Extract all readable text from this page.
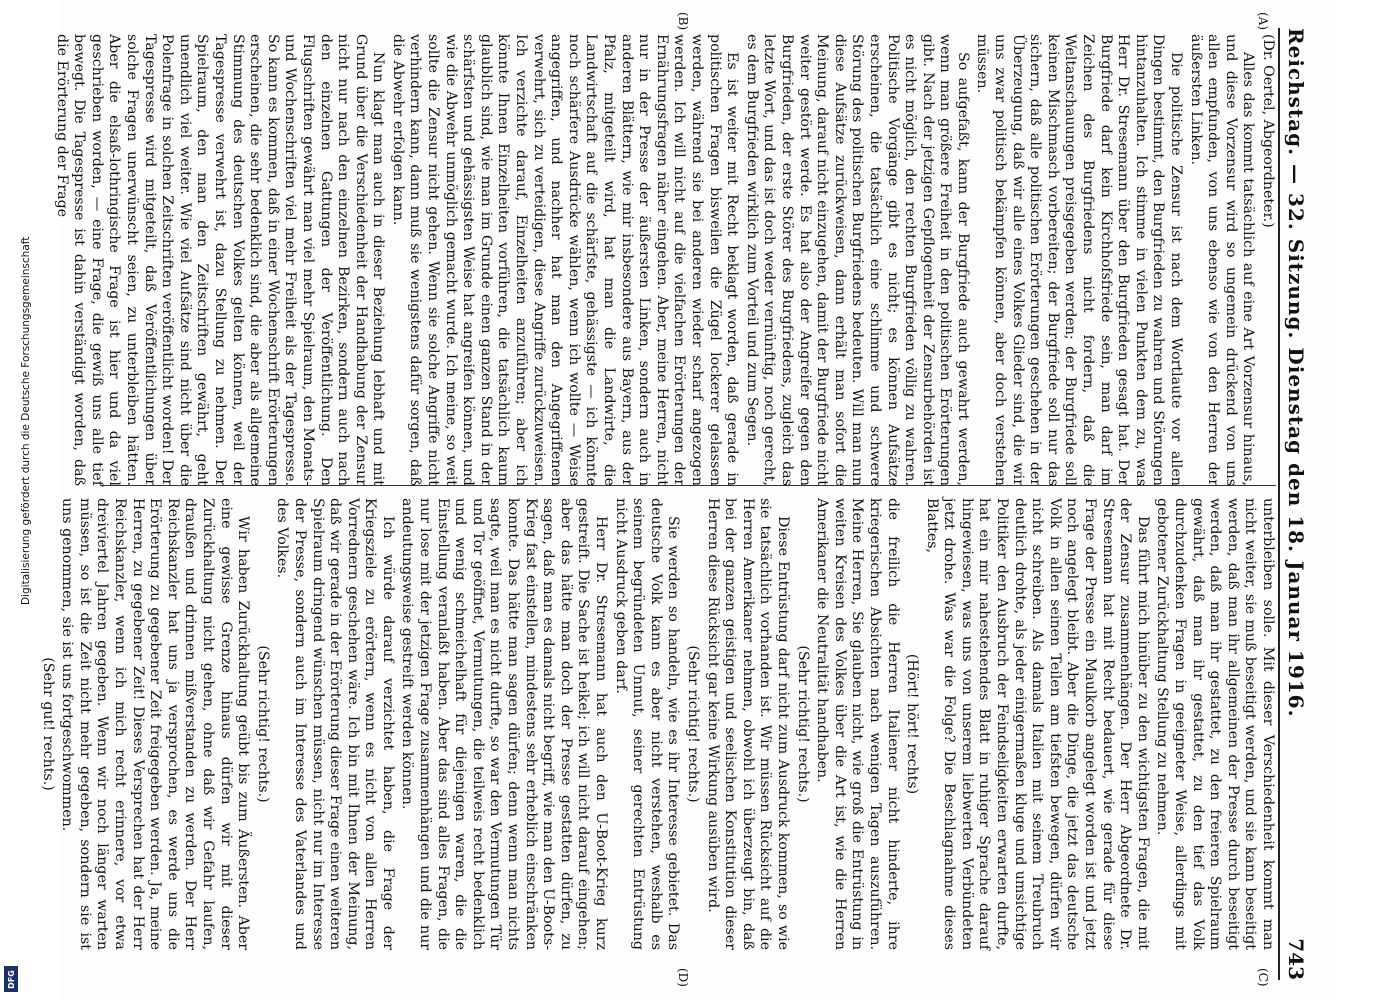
Reichstag. — 32. Sitzung. Dienstag den 18. Januar 1916.
743
(A)
(B)
(C)
(D)

(Dr. Oertel, Abgeordneter.)

Alles das kommt tatsächlich auf eine Art Vorzensur hinaus, und diese Vorzensur wird so ungemein drückend von uns allen empfunden, von uns ebenso wie von den Herren der äußersten Linken.

Die politische Zensur ist nach dem Wortlaute vor allen Dingen bestimmt, den Burgfrieden zu wahren und Störungen hintanzuhalten. Ich stimme in vielen Punkten dem zu, was Herr Dr. Stresemann über den Burgfrieden gesagt hat. Der Burgfriede darf kein Kirchhofsfriede sein, man darf im Zeichen des Burgfriedens nicht fordern, daß die Weltanschauungen preisgegeben werden; der Burgfriede soll keinen Mischmasch vorbereiten; der Burgfriede soll nur das sichern, daß alle politischen Erörterungen geschehen in der Überzeugung, daß wir alle eines Volkes Glieder sind, die wir uns zwar politisch bekämpfen können, aber doch verstehen müssen.

So aufgefaßt, kann der Burgfriede auch gewahrt werden, wenn man größere Freiheit in den politischen Erörterungen gibt. Nach der jetzigen Gepflogenheit der Zensurbehörden ist es nicht möglich, den rechten Burgfrieden völlig zu wahren. Politische Vorgänge gibt es nicht; es können Aufsätze erscheinen, die tatsächlich eine schlimme und schwere Störung des politischen Burgfriedens bedeuten. Will man nun diese Aufsätze zurückweisen, dann erhält man sofort die Meinung, darauf nicht einzugehen, damit der Burgfriede nicht weiter gestört werde. Es hat also der Angreifer gegen den Burgfrieden, der erste Störer des Burgfriedens, zugleich das letzte Wort, und das ist doch weder vernünftig, noch gerecht, es dem Burgfrieden wirklich zum Vorteil und zum Segen.

Es ist weiter mit Recht beklagt worden, daß gerade in politischen Fragen bisweilen die Zügel lockerer gelassen werden, während sie bei anderen wieder scharf angezogen werden. Ich will nicht auf die vielfachen Erörterungen der Ernährungsfragen näher eingehen. Aber, meine Herren, nicht nur in der Presse der äußersten Linken, sondern auch in anderen Blättern, wie mir insbesondere aus Bayern, aus der Pfalz, mitgeteilt wird, hat man die Landwirte, die Landwirtschaft auf die schärfste, gehässigste — ich könnte noch schärfere Ausdrücke wählen, wenn ich wollte — Weise angegriffen, und nachher hat man den Angegriffenen verwehrt, sich zu verteidigen, diese Angriffe zurückzuweisen. Ich verzichte darauf, Einzelheiten anzuführen; aber ich könnte Ihnen Einzelheiten vorführen, die tatsächlich kaum glaublich sind, wie man im Grunde einen ganzen Stand in der schärfsten und gehässigsten Weise hat angreifen können, und wie die Abwehr unmöglich gemacht wurde. Ich meine, so weit sollte die Zensur nicht gehen. Wenn sie solche Angriffe nicht verhindern kann, dann muß sie wenigstens dafür sorgen, daß die Abwehr erfolgen kann.

Nun klagt man auch in dieser Beziehung lebhaft und mit Grund über die Verschiedenheit der Handhabung der Zensur nicht nur nach den einzelnen Bezirken, sondern auch nach den einzelnen Gattungen der Veröffentlichung. Den Flugschriften gewährt man viel mehr Spielraum, den Monats- und Wochenschriften viel mehr Freiheit als der Tagespresse. So kann es kommen, daß in einer Wochenschrift Erörterungen erscheinen, die sehr bedenklich sind, die aber als allgemeine Stimmung des deutschen Volkes gelten können, weil der Tagespresse verwehrt ist, dazu Stellung zu nehmen. Der Spielraum, den man den Zeitschriften gewährt, geht unendlich viel weiter. Wie viel Aufsätze sind nicht über die Polenfrage in solchen Zeitschriften veröffentlicht worden! Der Tagespresse wird mitgeteilt, daß Veröffentlichungen über solche Fragen unerwünscht seien, zu unterbleiben hätten. Aber die elsaß-lothringische Frage ist hier und da viel geschrieben worden, — eine Frage, die gewiß uns alle tief bewegt. Die Tagespresse ist dahin verständigt worden, daß die Erörterung der Frage

unterbleiben solle. Mit dieser Verschiedenheit kommt man nicht weiter, sie muß beseitigt werden, und sie kann beseitigt werden, daß man ihr allgemeinen der Presse durch beseitigt werden, daß man ihr gestattet, zu den freieren Spielraum gewährt, daß man ihr gestattet, zu den tief das Volk durchzudenken Fragen in geeigneter Weise, allerdings mit gebotener Zurückhaltung Stellung zu nehmen.

Das führt mich hinüber zu den wichtigsten Fragen, die mit der Zensur zusammenhängen. Der Herr Abgeordnete Dr. Stresemann hat mit Recht bedauert, wie gerade für diese Frage der Presse ein Maulkorb angelegt worden ist und jetzt noch angelegt bleibt. Aber die Dinge, die jetzt das deutsche Volk in allen seinen Teilen am tiefsten bewegen, dürfen wir nicht schreiben. Als damals Italien mit seinem Treubruch deutlich drohte, als jeder einigermaßen kluge und umsichtige Politiker den Ausbruch der Feindseligkeiten erwarten durfte, hat ein mir nahestehendes Blatt in ruhiger Sprache darauf hingewiesen, was uns von unserem liebwerten Verbündeten jetzt drohe. Was war die Folge? Die Beschlagnahme dieses Blattes,

(Hört! hört! rechts)

die freilich die Herren Italiener nicht hinderte, ihre kriegerischen Absichten nach wenigen Tagen auszuführen. Meine Herren, Sie glauben nicht, wie groß die Entrüstung in weiten Kreisen des Volkes über die Art ist, wie die Herren Amerikaner die Neutralität handhaben.

(Sehr richtig! rechts.)

Diese Entrüstung darf nicht zum Ausdruck kommen, so wie sie tatsächlich vorhanden ist. Wir müssen Rücksicht auf die Herren Amerikaner nehmen, obwohl ich überzeugt bin, daß bei der ganzen geistigen und seelischen Konstitution dieser Herren diese Rücksicht gar keine Wirkung ausüben wird.

(Sehr richtig! rechts.)

Sie werden so handeln, wie es ihr Interesse gebietet. Das deutsche Volk kann es aber nicht verstehen, weshalb es seinem begründeten Unmut, seiner gerechten Entrüstung nicht Ausdruck geben darf.

Herr Dr. Stresemann hat auch den U-Boot-Krieg kurz gestreift. Die Sache ist heikel; ich will nicht darauf eingehen; aber das hätte man doch der Presse gestatten dürfen, zu sagen, daß man es damals nicht begriff, wie man den U-Boots-Krieg fast einstellen, mindestens sehr erheblich einschränken konnte. Das hätte man sagen dürfen; denn wenn man nichts sagte, weil man es nicht durfte, so war den Vermutungen Tür und Tor geöffnet, Vermutungen, die teilweis recht bedenklich und wenig schmeichelhaft für diejenigen waren, die die Einstellung veranlaßt haben. Aber das sind alles Fragen, die nur lose mit der jetzigen Frage zusammenhängen und die nur andeutungsweise gestreift werden können.

Ich würde darauf verzichtet haben, die Frage der Kriegsziele zu erörtern, wenn es nicht von allen Herren Vorrednern geschehen wäre. Ich bin mit Ihnen der Meinung, daß wir gerade in der Erörterung dieser Frage einen weiteren Spielraum dringend wünschen müssen, nicht nur im Interesse der Presse, sondern auch im Interesse des Vaterlandes und des Volkes.

(Sehr richtig! rechts.)

Wir haben Zurückhaltung geübt bis zum Äußersten. Aber eine gewisse Grenze hinaus dürfen wir mit dieser Zurückhaltung nicht gehen, ohne daß wir Gefahr laufen, draußen und drinnen mißverstanden zu werden. Der Herr Reichskanzler hat uns ja versprochen, es werde uns die Erörterung zu gegebener Zeit freigegeben werden. Ja, meine Herren, zu gegebener Zeit! Dieses Versprechen hat der Herr Reichskanzler, wenn ich mich recht erinnere, vor etwa dreiviertel Jahren gegeben. Wenn wir noch länger warten müssen, so ist die Zeit nicht mehr gegeben, sondern sie ist uns genommen, sie ist uns fortgeschwommen.

(Sehr gut! rechts.)

Digitalisierung gefördert durch die Deutsche Forschungsgemeinschaft
DFG
